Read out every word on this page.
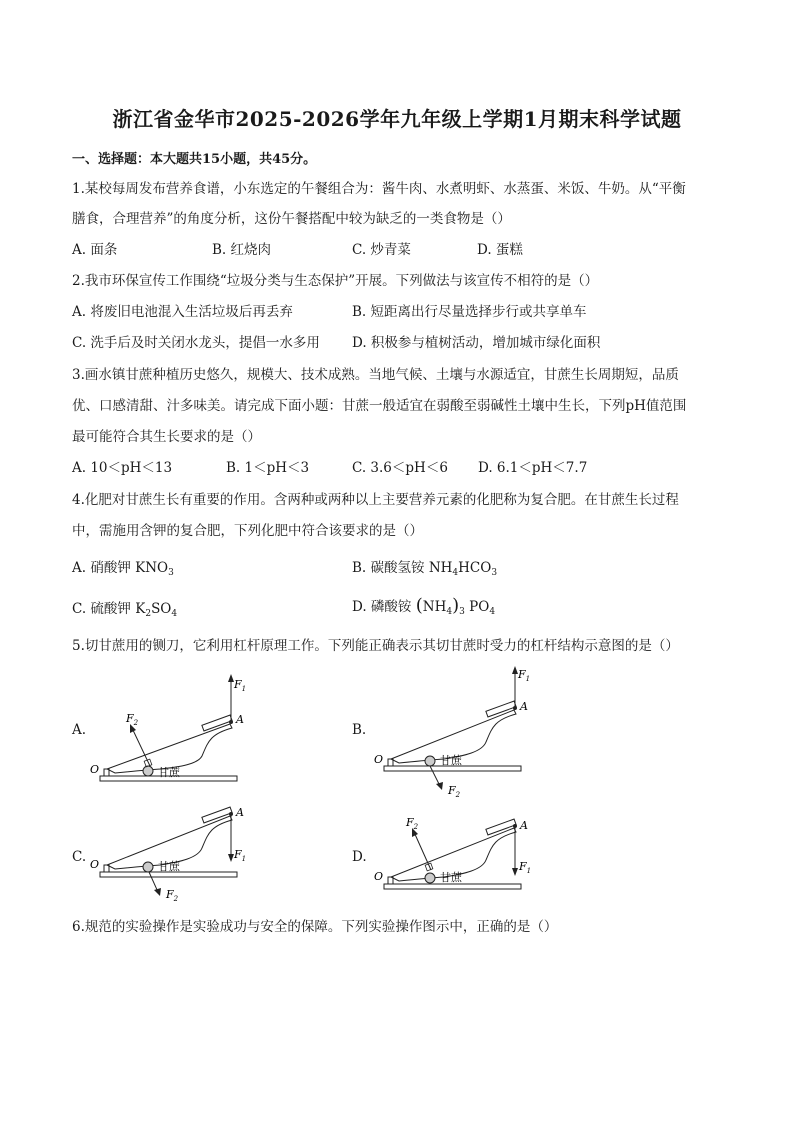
浙江省金华市2025-2026学年九年级上学期1月期末科学试题
一、选择题：本大题共15小题，共45分。
1.某校每周发布营养食谱，小东选定的午餐组合为：酱牛肉、水煮明虾、水蒸蛋、米饭、牛奶。从“平衡
膳食，合理营养”的角度分析，这份午餐搭配中较为缺乏的一类食物是（）
A. 面条	B. 红烧肉	C. 炒青菜	D. 蛋糕
2.我市环保宣传工作围绕“垃圾分类与生态保护”开展。下列做法与该宣传不相符的是（）
A. 将废旧电池混入生活垃圾后再丢弃	B. 短距离出行尽量选择步行或共享单车
C. 洗手后及时关闭水龙头，提倡一水多用 D. 积极参与植树活动，增加城市绿化面积
3.画水镇甘蔗种植历史悠久，规模大、技术成熟。当地气候、土壤与水源适宜，甘蔗生长周期短，品质
优、口感清甜、汁多味美。请完成下面小题：甘蔗一般适宜在弱酸至弱碱性土壤中生长，下列pH值范围
最可能符合其生长要求的是（）
A. 10＜pH＜13	B. 1＜pH＜3	C. 3.6＜pH＜6 D. 6.1＜pH＜7.7
4.化肥对甘蔗生长有重要的作用。含两种或两种以上主要营养元素的化肥称为复合肥。在甘蔗生长过程
中，需施用含钾的复合肥，下列化肥中符合该要求的是（）
A. 硝酸钾 $KNO_3$	B. 碳酸氢铵 $NH_4HCO_3$
C. 硫酸钾 $K_2SO_4$	D. 磷酸铵 $(NH_4)_3$ $PO_4$
5.切甘蔗用的铡刀，它利用杠杆原理工作。下列能正确表示其切甘蔗时受力的杠杆结构示意图的是（）
O
A
甘蔗
$F_1$
$F_2$
A.
O
A
甘蔗
$F_1$
$F_2$
B.
O
A
甘蔗
$F_1$
$F_2$
C.
O
A
甘蔗
$F_1$
$F_2$
D.
6.规范的实验操作是实验成功与安全的保障。下列实验操作图示中，正确的是（）
